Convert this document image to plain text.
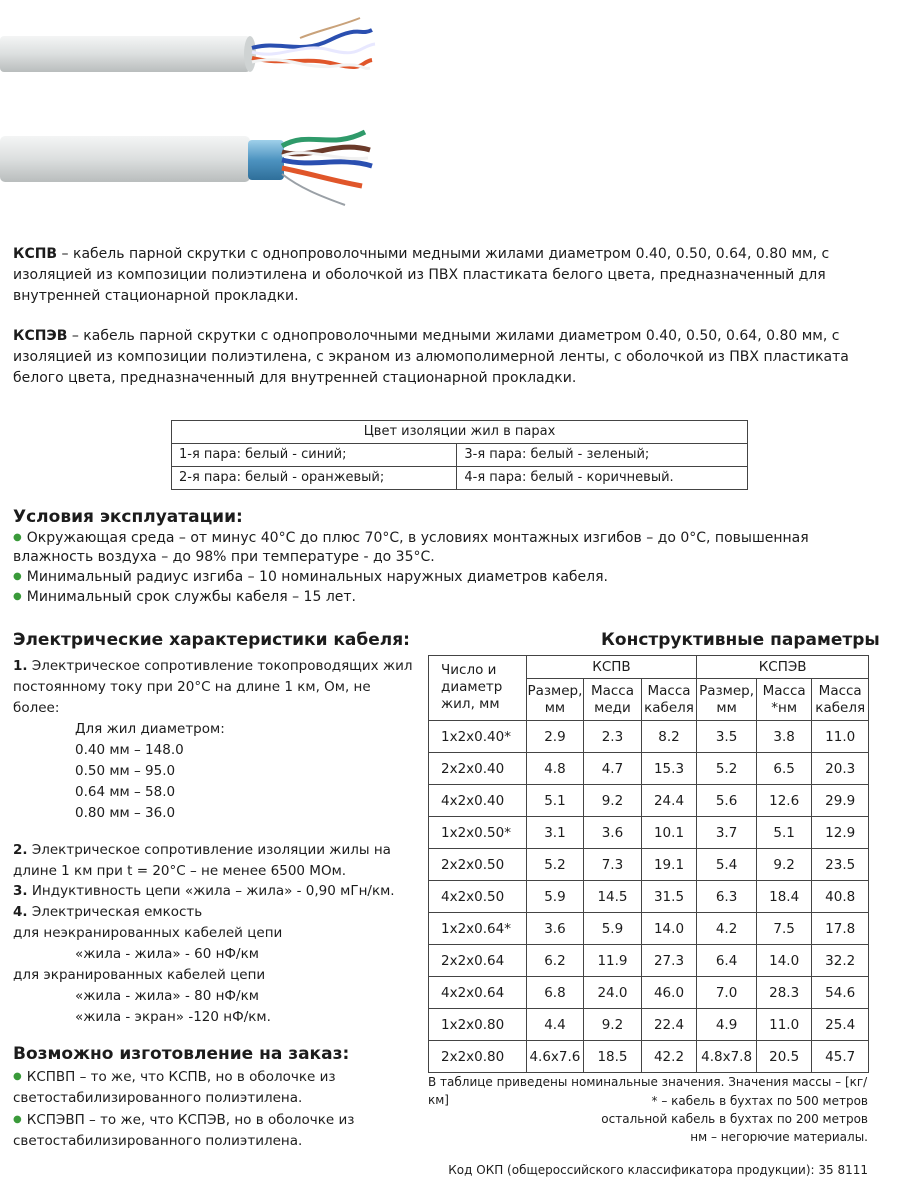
КСПВ – кабель парной скрутки с однопроволочными медными жилами диаметром 0.40, 0.50, 0.64, 0.80 мм, с изоляцией из композиции полиэтилена и оболочкой из ПВХ пластиката белого цвета, предназначенный для внутренней стационарной прокладки.

КСПЭВ – кабель парной скрутки с однопроволочными медными жилами диаметром 0.40, 0.50, 0.64, 0.80 мм, с изоляцией из композиции полиэтилена, с экраном из алюмополимерной ленты, с оболочкой из ПВХ пластиката белого цвета, предназначенный для внутренней стационарной прокладки.

Цвет изоляции жил в парах	
1-я пара: белый - синий;	3-я пара: белый - зеленый;
2-я пара: белый - оранжевый;	4-я пара: белый - коричневый.
Условия эксплуатации:
● Окружающая среда – от минус 40°С до плюс 70°С, в условиях монтажных изгибов – до 0°С, повышенная влажность воздуха – до 98% при температуре - до 35°С.
● Минимальный радиус изгиба – 10 номинальных наружных диаметров кабеля.
● Минимальный срок службы кабеля – 15 лет.
Электрические характеристики кабеля:
1. Электрическое сопротивление токопроводящих жил постоянному току при 20°С на длине 1 км, Ом, не более:
Для жил диаметром:
0.40 мм – 148.0
0.50 мм – 95.0
0.64 мм – 58.0
0.80 мм – 36.0
2. Электрическое сопротивление изоляции жилы на длине 1 км при t = 20°С – не менее 6500 МОм.
3. Индуктивность цепи «жила – жила» - 0,90 мГн/км.
4. Электрическая емкость
для неэкранированных кабелей цепи
«жила - жила» - 60 нФ/км
для экранированных кабелей цепи
«жила - жила» - 80 нФ/км
«жила - экран» -120 нФ/км.
Конструктивные параметры
Число и диаметр жил, мм	КСПВ			КСПЭВ		
	Размер, мм	Масса меди	Масса кабеля	Размер, мм	Масса *нм	Масса кабеля
1x2x0.40*	2.9	2.3	8.2	3.5	3.8	11.0
2x2x0.40	4.8	4.7	15.3	5.2	6.5	20.3
4x2x0.40	5.1	9.2	24.4	5.6	12.6	29.9
1x2x0.50*	3.1	3.6	10.1	3.7	5.1	12.9
2x2x0.50	5.2	7.3	19.1	5.4	9.2	23.5
4x2x0.50	5.9	14.5	31.5	6.3	18.4	40.8
1x2x0.64*	3.6	5.9	14.0	4.2	7.5	17.8
2x2x0.64	6.2	11.9	27.3	6.4	14.0	32.2
4x2x0.64	6.8	24.0	46.0	7.0	28.3	54.6
1x2x0.80	4.4	9.2	22.4	4.9	11.0	25.4
2x2x0.80	4.6x7.6	18.5	42.2	4.8x7.8	20.5	45.7
В таблице приведены номинальные значения. Значения массы – [кг/км]	* – кабель в бухтах по 500 метров
остальной кабель в бухтах по 200 метров
нм – негорючие материалы.
Возможно изготовление на заказ:
● КСПВП – то же, что КСПВ, но в оболочке из светостабилизированного полиэтилена.
● КСПЭВП – то же, что КСПЭВ, но в оболочке из светостабилизированного полиэтилена.
Код ОКП (общероссийского классификатора продукции): 35 8111
